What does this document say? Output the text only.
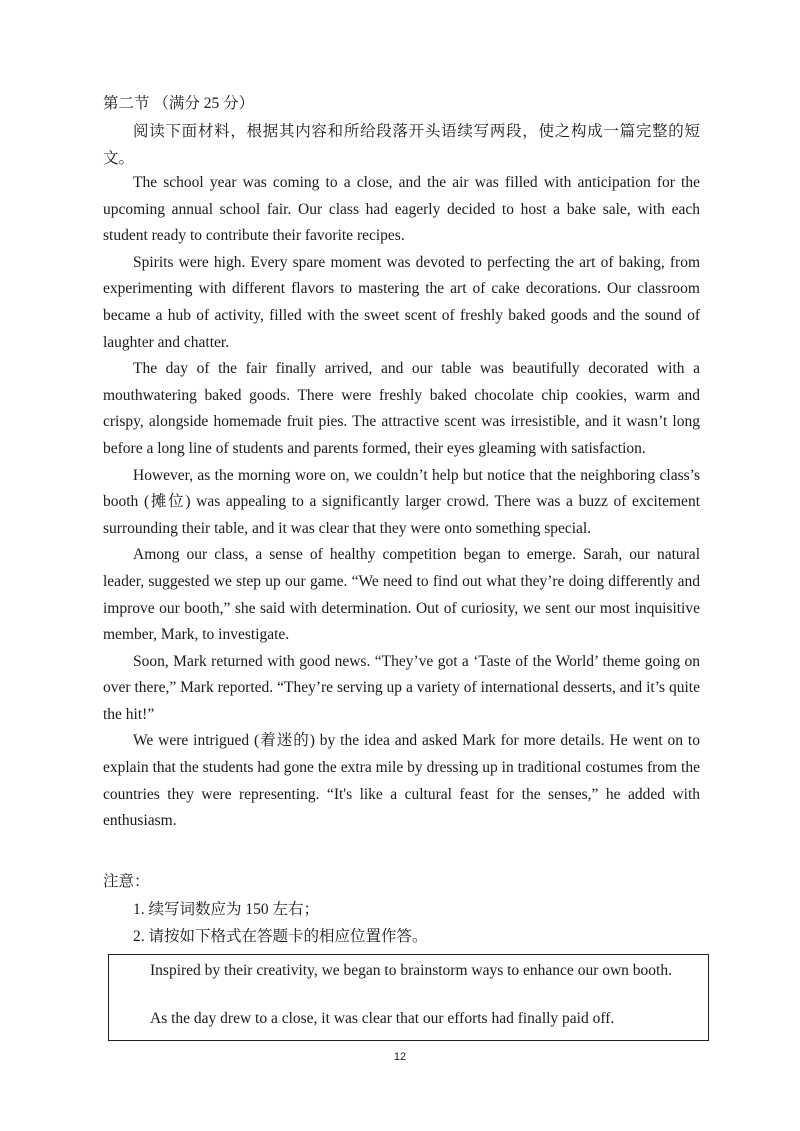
第二节 （满分 25 分）

阅读下面材料，根据其内容和所给段落开头语续写两段，使之构成一篇完整的短文。

The school year was coming to a close, and the air was filled with anticipation for the upcoming annual school fair. Our class had eagerly decided to host a bake sale, with each student ready to contribute their favorite recipes.

Spirits were high. Every spare moment was devoted to perfecting the art of baking, from experimenting with different flavors to mastering the art of cake decorations. Our classroom became a hub of activity, filled with the sweet scent of freshly baked goods and the sound of laughter and chatter.

The day of the fair finally arrived, and our table was beautifully decorated with a mouthwatering baked goods. There were freshly baked chocolate chip cookies, warm and crispy, alongside homemade fruit pies. The attractive scent was irresistible, and it wasn’t long before a long line of students and parents formed, their eyes gleaming with satisfaction.

However, as the morning wore on, we couldn’t help but notice that the neighboring class’s booth (摊位) was appealing to a significantly larger crowd. There was a buzz of excitement surrounding their table, and it was clear that they were onto something special.

Among our class, a sense of healthy competition began to emerge. Sarah, our natural leader, suggested we step up our game. “We need to find out what they’re doing differently and improve our booth,” she said with determination. Out of curiosity, we sent our most inquisitive member, Mark, to investigate.

Soon, Mark returned with good news. “They’ve got a ‘Taste of the World’ theme going on over there,” Mark reported. “They’re serving up a variety of international desserts, and it’s quite the hit!”

We were intrigued (着迷的) by the idea and asked Mark for more details. He went on to explain that the students had gone the extra mile by dressing up in traditional costumes from the countries they were representing. “It's like a cultural feast for the senses,” he added with enthusiasm.

注意：
1. 续写词数应为 150 左右；
2. 请按如下格式在答题卡的相应位置作答。

Inspired by their creativity, we began to brainstorm ways to enhance our own booth.

As the day drew to a close, it was clear that our efforts had finally paid off.

12
